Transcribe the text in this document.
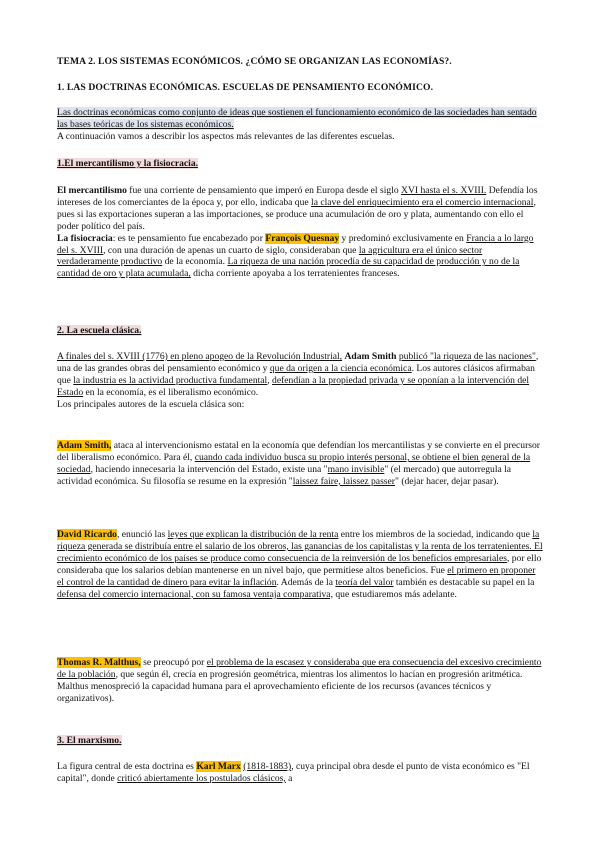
TEMA 2. LOS SISTEMAS ECONÓMICOS. ¿CÓMO SE ORGANIZAN LAS ECONOMÍAS?.
1. LAS DOCTRINAS ECONÓMICAS. ESCUELAS DE PENSAMIENTO ECONÓMICO.

Las doctrinas económicas como conjunto de ideas que sostienen el funcionamiento económico de las sociedades han sentado las bases teóricas de los sistemas económicos.

A continuación vamos a describir los aspectos más relevantes de las diferentes escuelas.

1.El mercantilismo y la fisiocracia.

El mercantilismo fue una corriente de pensamiento que imperó en Europa desde el siglo XVI hasta el s. XVIII. Defendía los intereses de los comerciantes de la época y, por ello, indicaba que la clave del enriquecimiento era el comercio internacional, pues si las exportaciones superan a las importaciones, se produce una acumulación de oro y plata, aumentando con ello el poder político del país.

La fisiocracia: es te pensamiento fue encabezado por François Quesnay y predominó exclusivamente en Francia a lo largo del s. XVIII, con una duración de apenas un cuarto de siglo, consideraban que la agricultura era el único sector verdaderamente productivo de la economía. La riqueza de una nación procedía de su capacidad de producción y no de la cantidad de oro y plata acumulada, dicha corriente apoyaba a los terratenientes franceses.

2. La escuela clásica.

A finales del s. XVIII (1776) en pleno apogeo de la Revolución Industrial, Adam Smith publicó "la riqueza de las naciones", una de las grandes obras del pensamiento económico y que da origen a la ciencia económica. Los autores clásicos afirmaban que la industria es la actividad productiva fundamental, defendían a la propiedad privada y se oponían a la intervención del Estado en la economía, es el liberalismo económico.

Los principales autores de la escuela clásica son:

Adam Smith, ataca al intervencionismo estatal en la economía que defendían los mercantilistas y se convierte en el precursor del liberalismo económico. Para él, cuando cada individuo busca su propio interés personal, se obtiene el bien general de la sociedad, haciendo innecesaria la intervención del Estado, existe una "mano invisible" (el mercado) que autorregula la actividad económica. Su filosofía se resume en la expresión "laissez faire, laissez passer" (dejar hacer, dejar pasar).

David Ricardo, enunció las leyes que explican la distribución de la renta entre los miembros de la sociedad, indicando que la riqueza generada se distribuía entre el salario de los obreros, las ganancias de los capitalistas y la renta de los terratenientes. El crecimiento económico de los países se produce como consecuencia de la reinversión de los beneficios empresariales, por ello consideraba que los salarios debían mantenerse en un nivel bajo, que permitiese altos beneficios. Fue el primero en proponer el control de la cantidad de dinero para evitar la inflación. Además de la teoría del valor también es destacable su papel en la defensa del comercio internacional, con su famosa ventaja comparativa, que estudiaremos más adelante.

Thomas R. Malthus, se preocupó por el problema de la escasez y consideraba que era consecuencia del excesivo crecimiento de la población, que según él, crecía en progresión geométrica, mientras los alimentos lo hacían en progresión aritmética. Malthus menospreció la capacidad humana para el aprovechamiento eficiente de los recursos (avances técnicos y organizativos).

3. El marxismo.

La figura central de esta doctrina es Karl Marx (1818-1883), cuya principal obra desde el punto de vista económico es "El capital", donde criticó abiertamente los postulados clásicos, a
